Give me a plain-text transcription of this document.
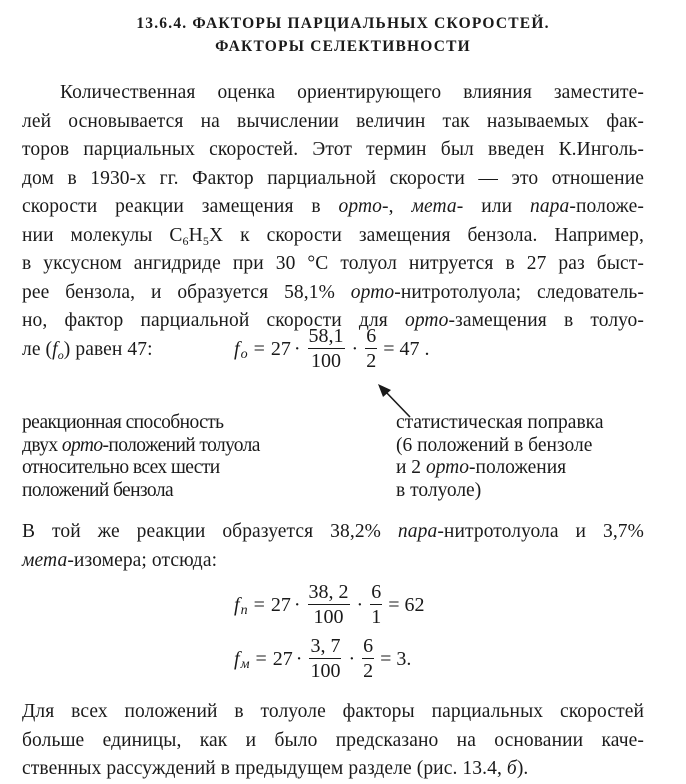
13.6.4. ФАКТОРЫ ПАРЦИАЛЬНЫХ СКОРОСТЕЙ.
ФАКТОРЫ СЕЛЕКТИВНОСТИ
Количественная оценка ориентирующего влияния заместите-
лей основывается на вычислении величин так называемых фак-
торов парциальных скоростей. Этот термин был введен К.Инголь-
дом в 1930-х гг. Фактор парциальной скорости — это отношение
скорости реакции замещения в орто-, мета- или пара-положе-
нии молекулы $C_6H_5X$ к скорости замещения бензола. Например,
в уксусном ангидриде при 30 °C толуол нитруется в 27 раз быст-
рее бензола, и образуется 58,1% орто-нитротолуола; следователь-
но, фактор парциальной скорости для орто-замещения в толуо-
ле $(f_o)$ равен 47:	f $o = 27 \cdot \frac{58,1}{100} \cdot \frac{6}{2} = 47$ .
реакционная способность
двух орто-положений толуола
относительно всех шести
положений бензола
статистическая поправка
(6 положений в бензоле
и 2 орто-положения
в толуоле)
В той же реакции образуется 38,2% пара-нитротолуола и 3,7%
мета-изомера; отсюда:
f $п = 27 \cdot \frac{38, 2}{100} \cdot \frac{6}{1} = 62$
f $м = 27 \cdot \frac{3, 7}{100} \cdot \frac{6}{2} = 3$.
Для всех положений в толуоле факторы парциальных скоростей
больше единицы, как и было предсказано на основании каче-
ственных рассуждений в предыдущем разделе (рис. 13.4, б).
